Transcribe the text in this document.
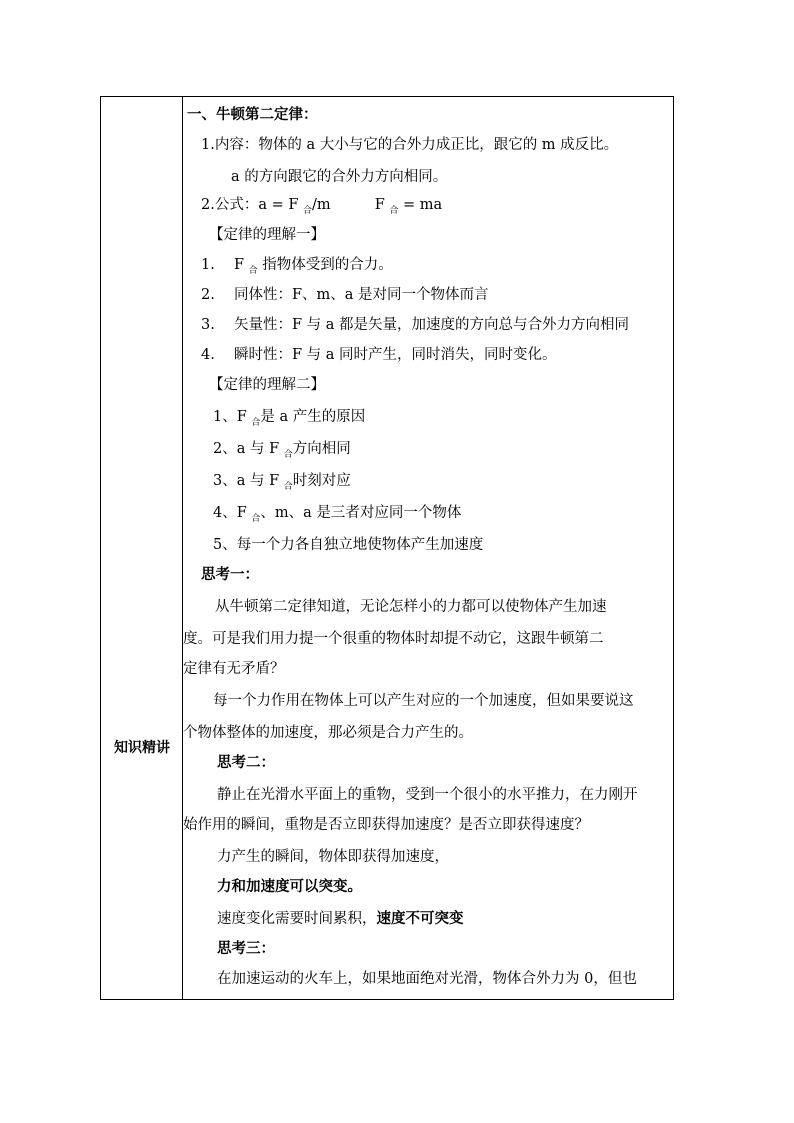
知识精讲
一、牛顿第二定律：
1.内容：物体的 a 大小与它的合外力成正比，跟它的 m 成反比。
a 的方向跟它的合外力方向相同。
2.公式：a = F $_合$/m	F $_合$ = ma
【定律的理解一】
1.　 F $_合$ 指物体受到的合力。
2.　 同体性：F、m、a 是对同一个物体而言
3.　 矢量性：F 与 a 都是矢量，加速度的方向总与合外力方向相同
4.　 瞬时性：F 与 a 同时产生，同时消失，同时变化。
【定律的理解二】
1、F $_合$是 a 产生的原因
2、a 与 F $_合$方向相同
3、a 与 F $_合$时刻对应
4、F $_合$、m、a 是三者对应同一个物体
5、每一个力各自独立地使物体产生加速度
思考一：
从牛顿第二定律知道，无论怎样小的力都可以使物体产生加速
度。可是我们用力提一个很重的物体时却提不动它，这跟牛顿第二
定律有无矛盾？
每一个力作用在物体上可以产生对应的一个加速度，但如果要说这
个物体整体的加速度，那必须是合力产生的。
思考二：
静止在光滑水平面上的重物，受到一个很小的水平推力，在力刚开
始作用的瞬间，重物是否立即获得加速度？是否立即获得速度？
力产生的瞬间，物体即获得加速度，
力和加速度可以突变。
速度变化需要时间累积，速度不可突变
思考三：
在加速运动的火车上，如果地面绝对光滑，物体合外力为 0，但也
